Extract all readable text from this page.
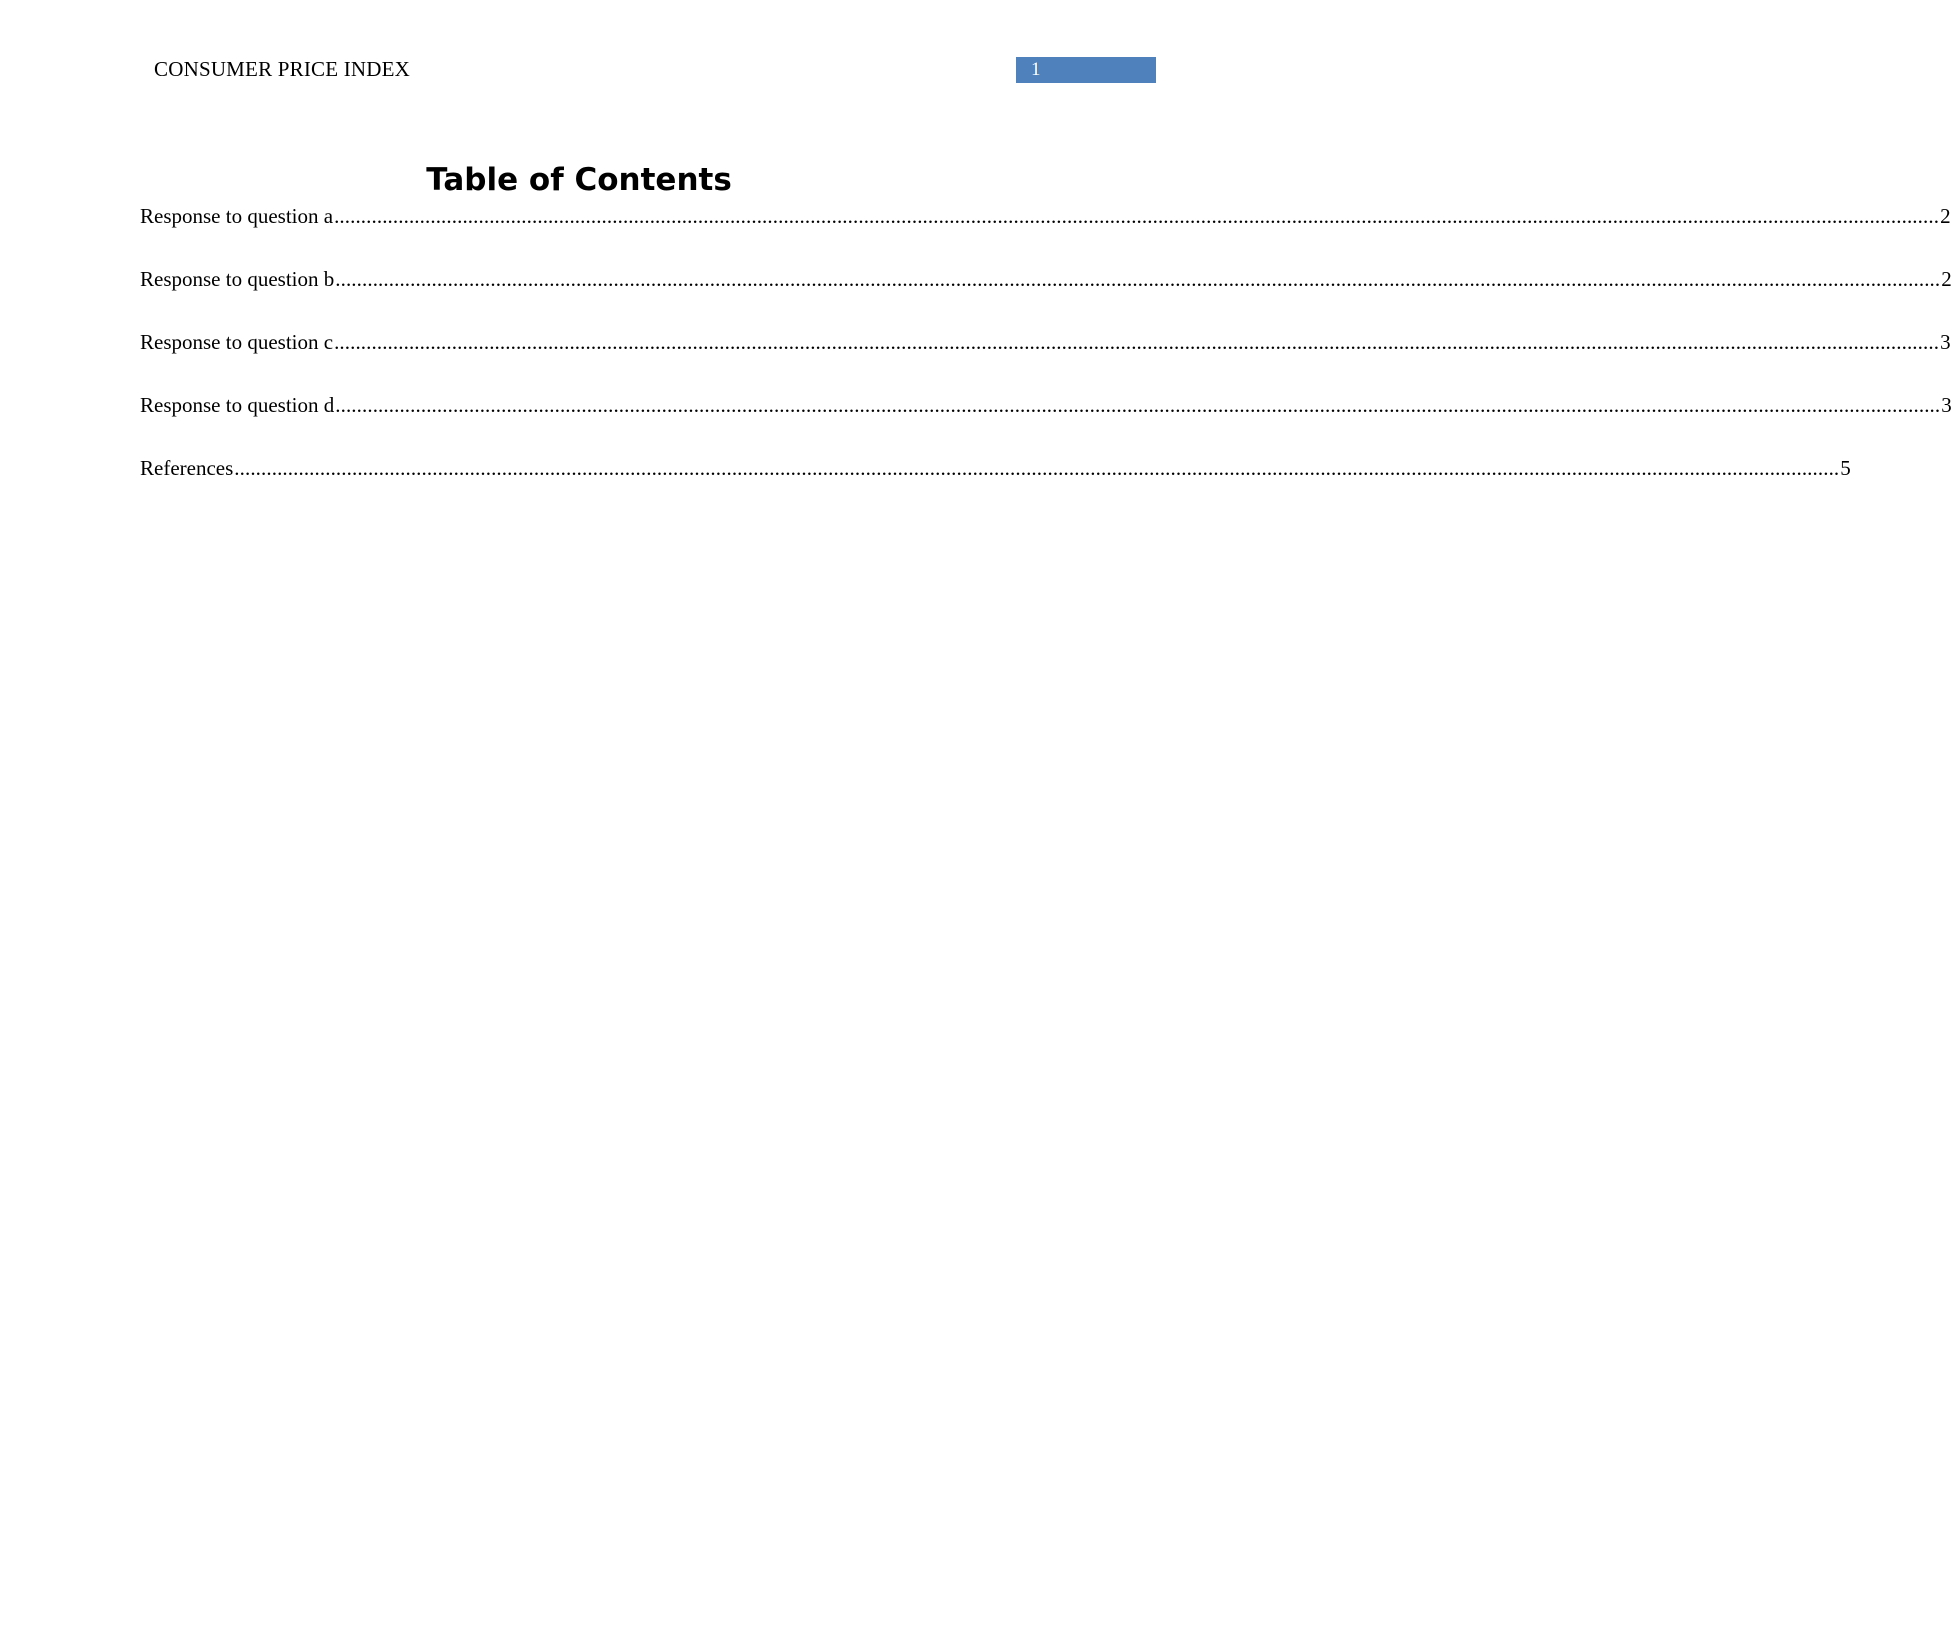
CONSUMER PRICE INDEX	1
Table of Contents
Response to question a ............................................................................................................................................................................................................................................................................................................ 2
Response to question b ............................................................................................................................................................................................................................................................................................................ 2
Response to question c ............................................................................................................................................................................................................................................................................................................ 3
Response to question d ............................................................................................................................................................................................................................................................................................................ 3
References ............................................................................................................................................................................................................................................................................................................ 5
